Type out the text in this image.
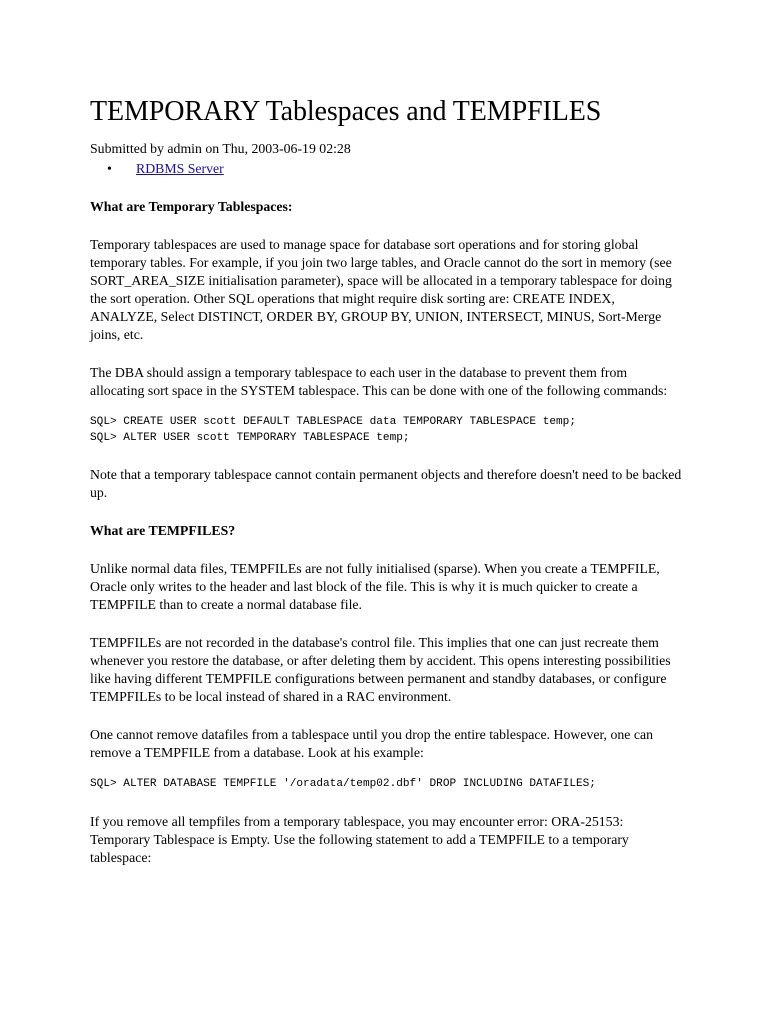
TEMPORARY Tablespaces and TEMPFILES
Submitted by admin on Thu, 2003-06-19 02:28
• RDBMS Server

What are Temporary Tablespaces:

Temporary tablespaces are used to manage space for database sort operations and for storing global temporary tables. For example, if you join two large tables, and Oracle cannot do the sort in memory (see SORT_AREA_SIZE initialisation parameter), space will be allocated in a temporary tablespace for doing the sort operation. Other SQL operations that might require disk sorting are: CREATE INDEX, ANALYZE, Select DISTINCT, ORDER BY, GROUP BY, UNION, INTERSECT, MINUS, Sort-Merge joins, etc.

The DBA should assign a temporary tablespace to each user in the database to prevent them from allocating sort space in the SYSTEM tablespace. This can be done with one of the following commands:

SQL> CREATE USER scott DEFAULT TABLESPACE data TEMPORARY TABLESPACE temp;
SQL> ALTER USER scott TEMPORARY TABLESPACE temp;

Note that a temporary tablespace cannot contain permanent objects and therefore doesn't need to be backed up.

What are TEMPFILES?

Unlike normal data files, TEMPFILEs are not fully initialised (sparse). When you create a TEMPFILE, Oracle only writes to the header and last block of the file. This is why it is much quicker to create a TEMPFILE than to create a normal database file.

TEMPFILEs are not recorded in the database's control file. This implies that one can just recreate them whenever you restore the database, or after deleting them by accident. This opens interesting possibilities like having different TEMPFILE configurations between permanent and standby databases, or configure TEMPFILEs to be local instead of shared in a RAC environment.

One cannot remove datafiles from a tablespace until you drop the entire tablespace. However, one can remove a TEMPFILE from a database. Look at his example:

SQL> ALTER DATABASE TEMPFILE '/oradata/temp02.dbf' DROP INCLUDING DATAFILES;

If you remove all tempfiles from a temporary tablespace, you may encounter error: ORA-25153: Temporary Tablespace is Empty. Use the following statement to add a TEMPFILE to a temporary tablespace:
